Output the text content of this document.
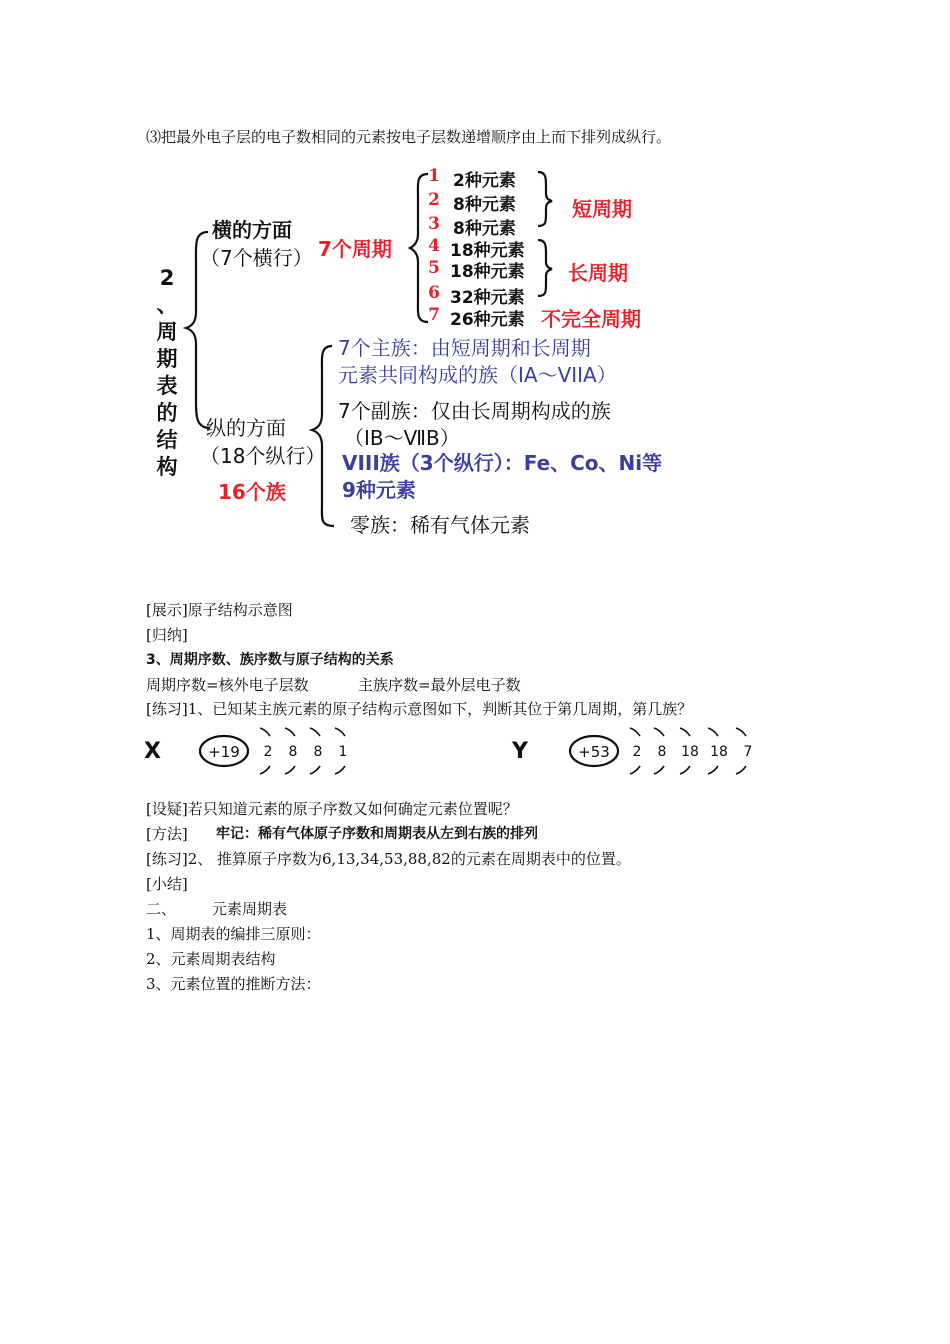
⑶把最外电子层的电子数相同的元素按电子层数递增顺序由上而下排列成纵行。
2
、
周
期
表
的
结
构
横的方面
（7个横行） 7个周期
1 2种元素
2 8种元素
3 8种元素
4 18种元素
5 18种元素
6 32种元素
7 26种元素
短周期
长周期
不完全周期
纵的方面
（18个纵行）
16个族
7个主族：由短周期和长周期
元素共同构成的族（IA～VIIA）
7个副族：仅由长周期构成的族
（ⅠB～ⅦB）
VIII族（3个纵行）：Fe、Co、Ni等
9种元素
零族：稀有气体元素
[展示]原子结构示意图
[归纳]
3、周期序数、族序数与原子结构的关系
周期序数=核外电子层数	主族序数=最外层电子数
[练习]1、已知某主族元素的原子结构示意图如下，判断其位于第几周期，第几族？
X	+19 2 8 8 1	Y	+53 2 8 18 18 7
[设疑]若只知道元素的原子序数又如何确定元素位置呢？
[方法] 牢记：稀有气体原子序数和周期表从左到右族的排列
[练习]2、 推算原子序数为6,13,34,53,88,82的元素在周期表中的位置。
[小结]
二、 元素周期表
1、周期表的编排三原则：
2、元素周期表结构
3、元素位置的推断方法：
